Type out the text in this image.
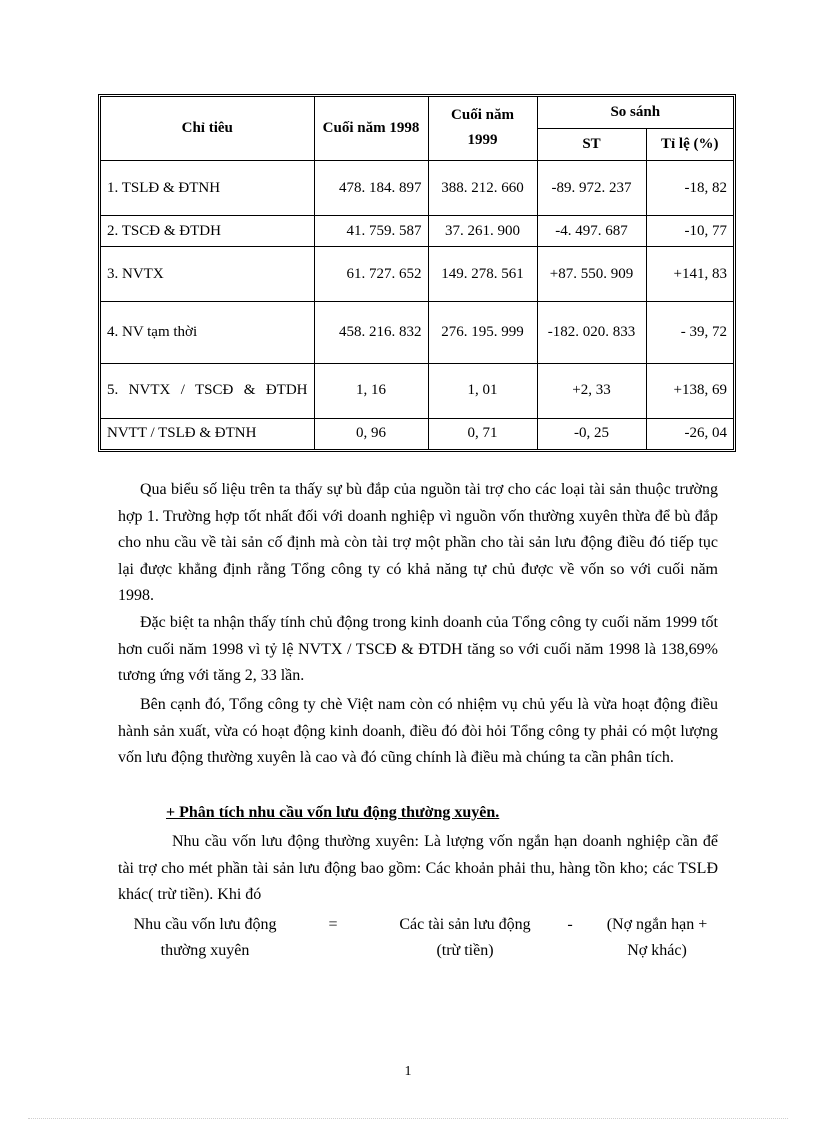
Chỉ tiêu	Cuối năm 1998	Cuối năm 1999	So sánh	
			ST	Tỉ lệ (%)
1. TSLĐ & ĐTNH	478. 184. 897	388. 212. 660	-89. 972. 237	-18, 82
2. TSCĐ & ĐTDH	41. 759. 587	37. 261. 900	-4. 497. 687	-10, 77
3. NVTX	61. 727. 652	149. 278. 561	+87. 550. 909	+141, 83
4. NV tạm thời	458. 216. 832	276. 195. 999	-182. 020. 833	- 39, 72
5. NVTX / TSCĐ & ĐTDH	1, 16	1, 01	+2, 33	+138, 69
NVTT / TSLĐ & ĐTNH	0, 96	0, 71	-0, 25	-26, 04

Qua biểu số liệu trên ta thấy sự bù đắp của nguồn tài trợ cho các loại tài sản thuộc trường hợp 1. Trường hợp tốt nhất đối với doanh nghiệp vì nguồn vốn thường xuyên thừa để bù đắp cho nhu cầu về tài sản cố định mà còn tài trợ một phần cho tài sản lưu động điều đó tiếp tục lại được khẳng định rằng Tổng công ty có khả năng tự chủ được về vốn so với cuối năm 1998.

Đặc biệt ta nhận thấy tính chủ động trong kinh doanh của Tổng công ty cuối năm 1999 tốt hơn cuối năm 1998 vì tỷ lệ NVTX / TSCĐ & ĐTDH tăng so với cuối năm 1998 là 138,69% tương ứng với tăng 2, 33 lần.

Bên cạnh đó, Tổng công ty chè Việt nam còn có nhiệm vụ chủ yếu là vừa hoạt động điều hành sản xuất, vừa có hoạt động kinh doanh, điều đó đòi hỏi Tổng công ty phải có một lượng vốn lưu động thường xuyên là cao và đó cũng chính là điều mà chúng ta cần phân tích.

+ Phân tích nhu cầu vốn lưu động thường xuyên.

Nhu cầu vốn lưu động thường xuyên: Là lượng vốn ngắn hạn doanh nghiệp cần để tài trợ cho mét phần tài sản lưu động bao gồm: Các khoản phải thu, hàng tồn kho; các TSLĐ khác( trừ tiền). Khi đó

Nhu cầu vốn lưu động
thường xuyên
=	Các tài sản lưu động
(trừ tiền)
-	(Nợ ngắn hạn +
Nợ khác)
1
